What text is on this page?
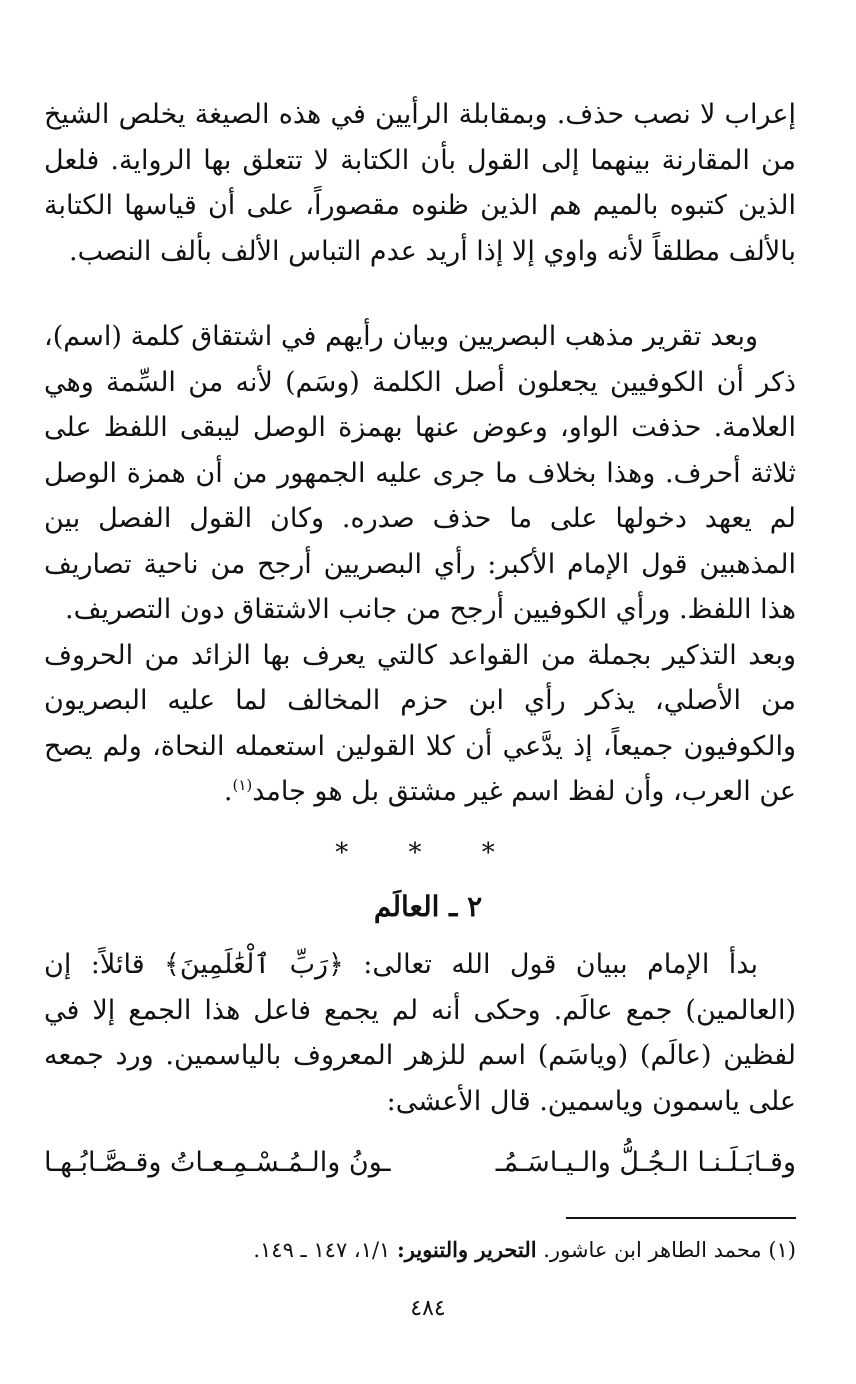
إعراب لا نصب حذف. وبمقابلة الرأيين في هذه الصيغة يخلص الشيخ من المقارنة بينهما إلى القول بأن الكتابة لا تتعلق بها الرواية. فلعل الذين كتبوه بالميم هم الذين ظنوه مقصوراً، على أن قياسها الكتابة بالألف مطلقاً لأنه واوي إلا إذا أريد عدم التباس الألف بألف النصب.

وبعد تقرير مذهب البصريين وبيان رأيهم في اشتقاق كلمة (اسم)، ذكر أن الكوفيين يجعلون أصل الكلمة (وسَم) لأنه من السِّمة وهي العلامة. حذفت الواو، وعوض عنها بهمزة الوصل ليبقى اللفظ على ثلاثة أحرف. وهذا بخلاف ما جرى عليه الجمهور من أن همزة الوصل لم يعهد دخولها على ما حذف صدره. وكان القول الفصل بين المذهبين قول الإمام الأكبر: رأي البصريين أرجح من ناحية تصاريف هذا اللفظ. ورأي الكوفيين أرجح من جانب الاشتقاق دون التصريف.

وبعد التذكير بجملة من القواعد كالتي يعرف بها الزائد من الحروف من الأصلي، يذكر رأي ابن حزم المخالف لما عليه البصريون والكوفيون جميعاً، إذ يدَّعي أن كلا القولين استعمله النحاة، ولم يصح عن العرب، وأن لفظ اسم غير مشتق بل هو جامد$^{(١)}$.

* * *
٢ ـ العالَم

بدأ الإمام ببيان قول الله تعالى: ﴿رَبِّ ٱلْعَٰلَمِينَ﴾ قائلاً: إن (العالمين) جمع عالَم. وحكى أنه لم يجمع فاعل هذا الجمع إلا في لفظين (عالَم) (وياسَم) اسم للزهر المعروف بالياسمين. ورد جمعه على ياسمون وياسمين. قال الأعشى:

وقـابَـلَـنـا الـجُـلُّ والـيـاسَـمُـ
ـونُ والـمُـسْـمِـعـاتُ وقـصَّـابُـهـا
(١) محمد الطاهر ابن عاشور. التحرير والتنوير: ١/١، ١٤٧ ـ ١٤٩.
٤٨٤
